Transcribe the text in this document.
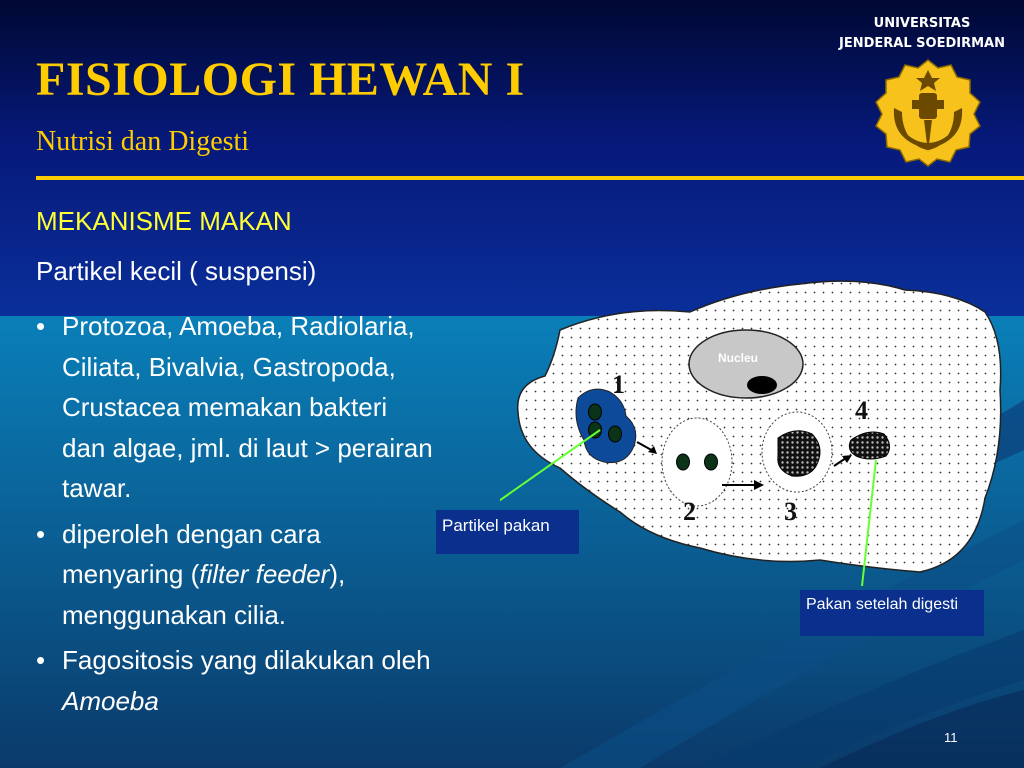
FISIOLOGI HEWAN I
Nutrisi dan Digesti
UNIVERSITAS
JENDERAL SOEDIRMAN
MEKANISME MAKAN
Partikel kecil ( suspensi)
• Protozoa, Amoeba, Radiolaria, Ciliata, Bivalvia, Gastropoda, Crustacea memakan bakteri dan algae, jml. di laut > perairan tawar.
• diperoleh dengan cara menyaring (filter feeder), menggunakan cilia.
• Fagositosis yang dilakukan oleh Amoeba
Nucleu
1
2	3
4
Partikel pakan
Pakan setelah digesti
11
